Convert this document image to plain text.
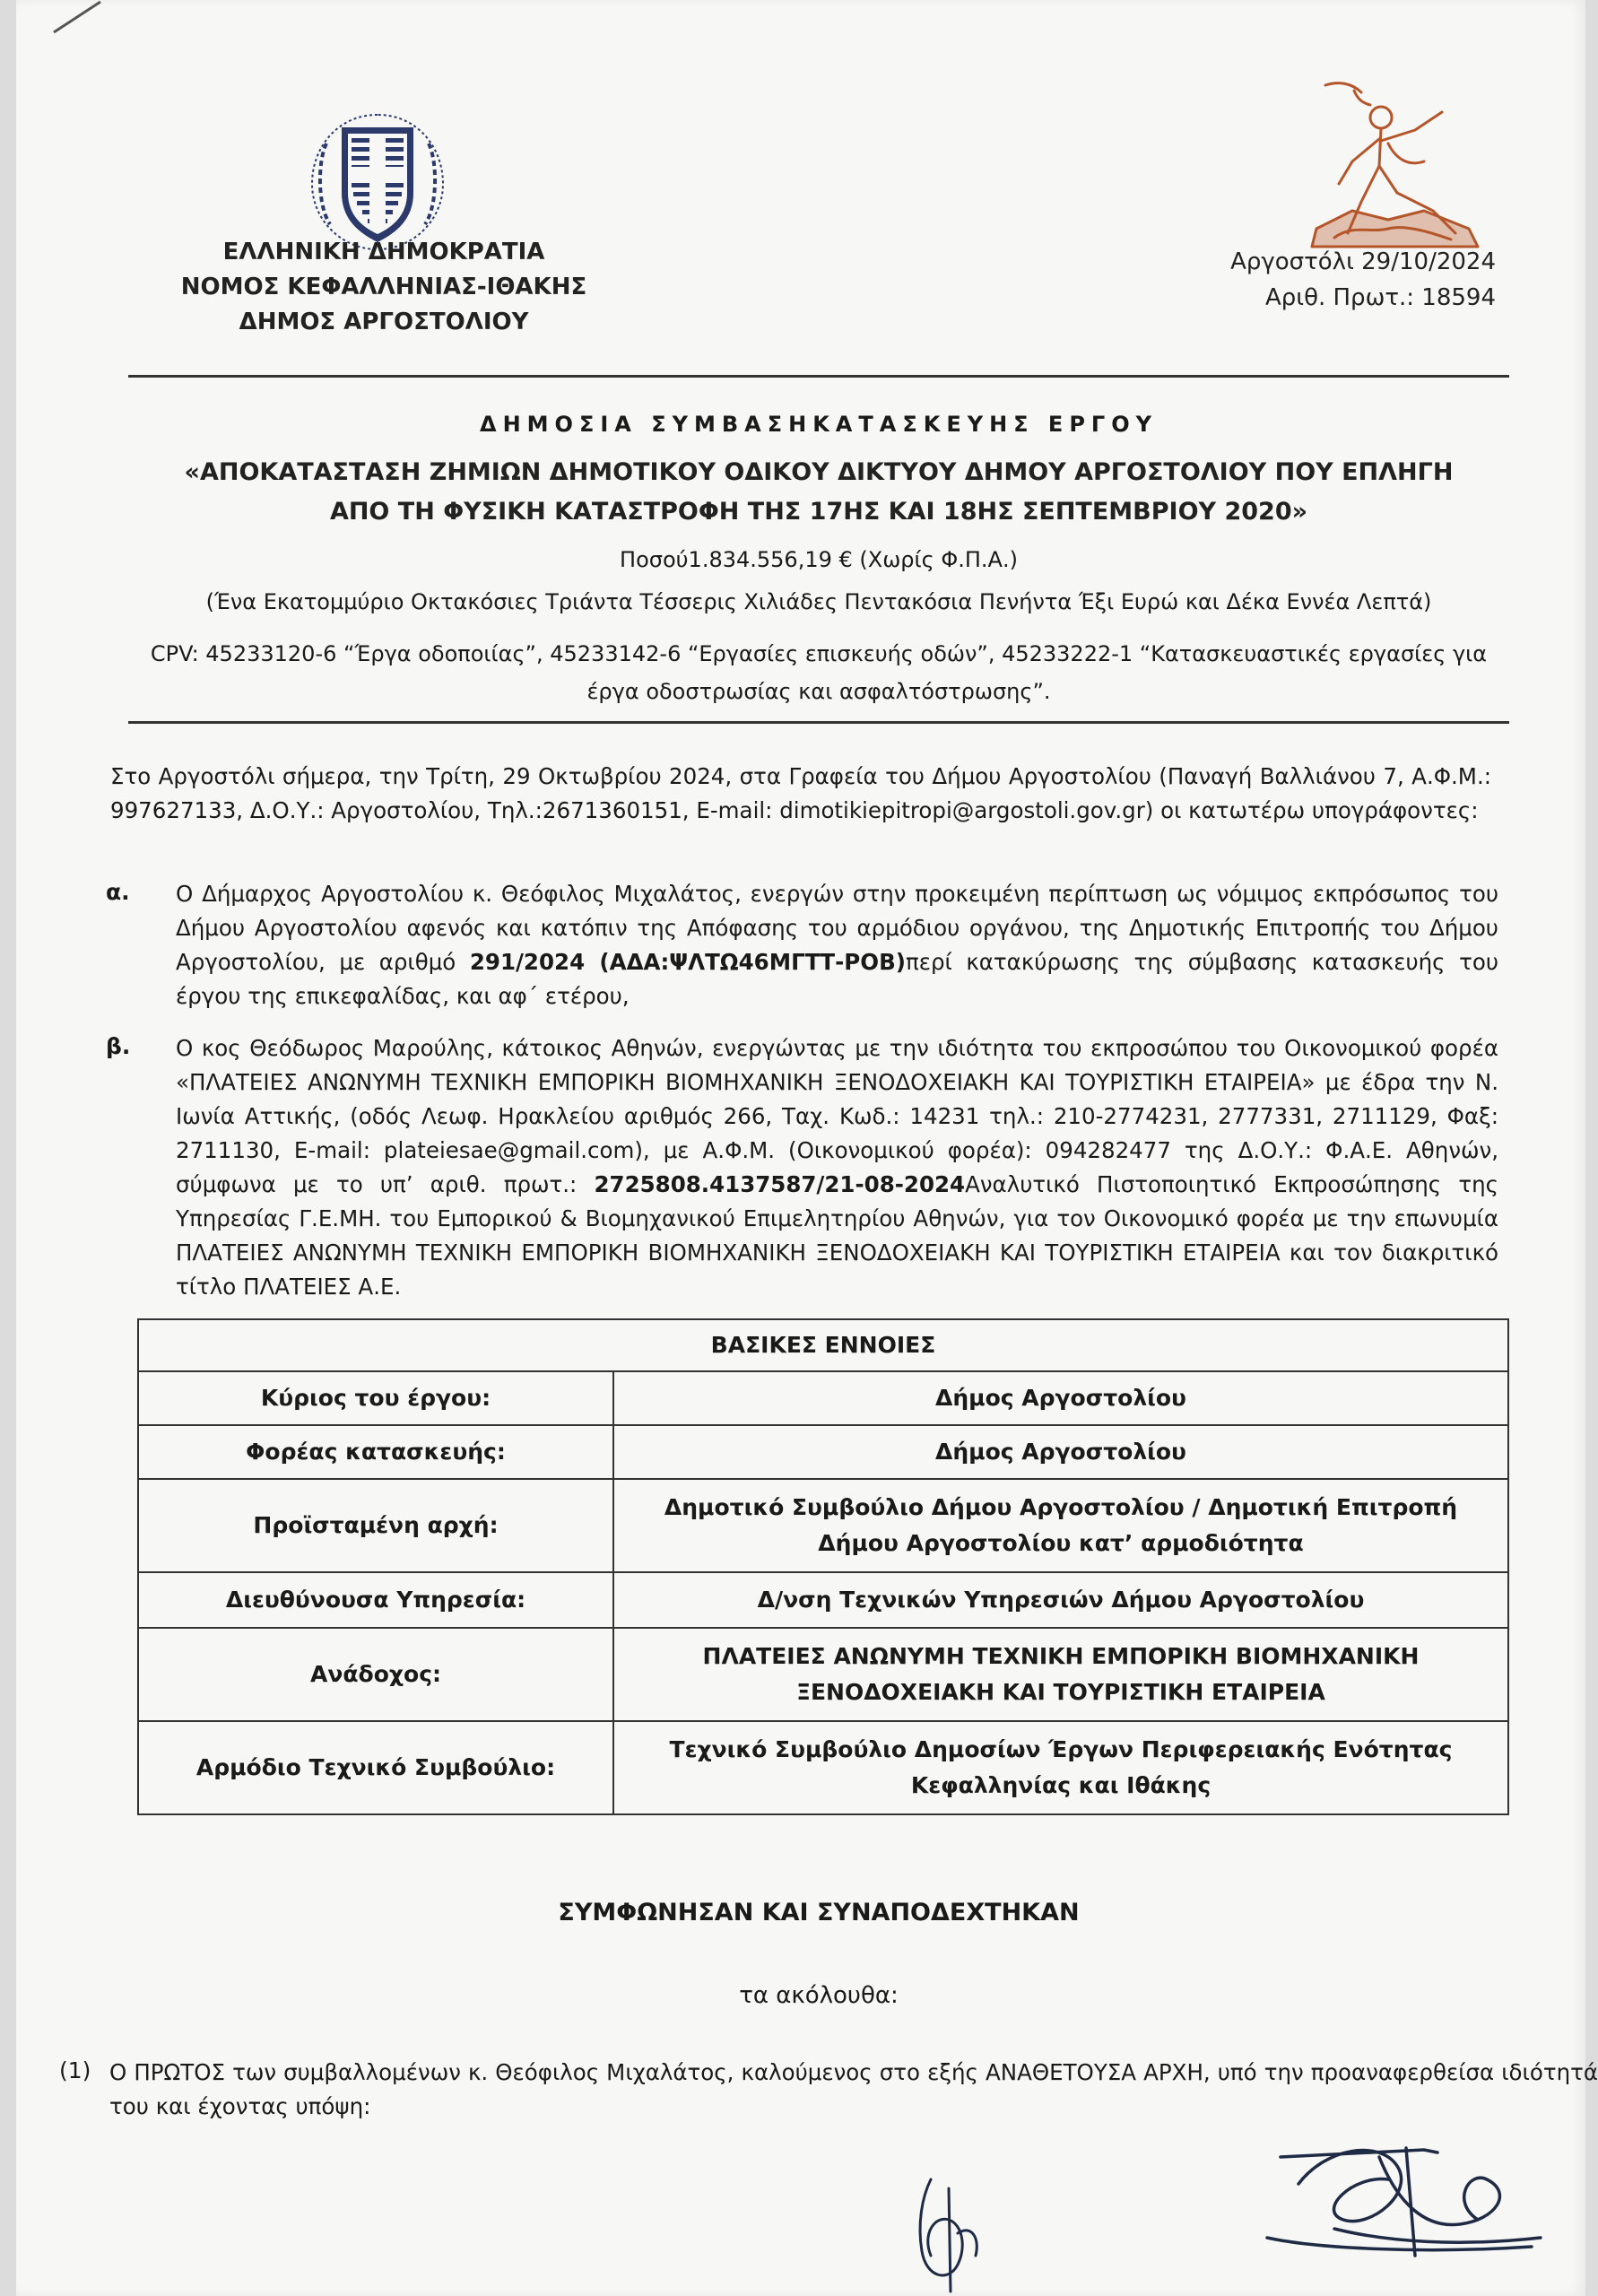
ΕΛΛΗΝΙΚΗ ΔΗΜΟΚΡΑΤΙΑ
ΝΟΜΟΣ ΚΕΦΑΛΛΗΝΙΑΣ-ΙΘΑΚΗΣ
ΔΗΜΟΣ ΑΡΓΟΣΤΟΛΙΟΥ
Αργοστόλι 29/10/2024
Αριθ. Πρωτ.: 18594
ΔΗΜΟΣΙΑ ΣΥΜΒΑΣΗΚΑΤΑΣΚΕΥΗΣ ΕΡΓΟΥ
«ΑΠΟΚΑΤΑΣΤΑΣΗ ΖΗΜΙΩΝ ΔΗΜΟΤΙΚΟΥ ΟΔΙΚΟΥ ΔΙΚΤΥΟΥ ΔΗΜΟΥ ΑΡΓΟΣΤΟΛΙΟΥ ΠΟΥ ΕΠΛΗΓΗ ΑΠΟ ΤΗ ΦΥΣΙΚΗ ΚΑΤΑΣΤΡΟΦΗ ΤΗΣ 17ΗΣ ΚΑΙ 18ΗΣ ΣΕΠΤΕΜΒΡΙΟΥ 2020»
Ποσού1.834.556,19 € (Χωρίς Φ.Π.Α.)
(Ένα Εκατομμύριο Οκτακόσιες Τριάντα Τέσσερις Χιλιάδες Πεντακόσια Πενήντα Έξι Ευρώ και Δέκα Εννέα Λεπτά)
CPV: 45233120-6 “Έργα οδοποιίας”, 45233142-6 “Εργασίες επισκευής οδών”, 45233222-1 “Κατασκευαστικές εργασίες για έργα οδοστρωσίας και ασφαλτόστρωσης”.
Στο Αργοστόλι σήμερα, την Τρίτη, 29 Οκτωβρίου 2024, στα Γραφεία του Δήμου Αργοστολίου (Παναγή Βαλλιάνου 7, Α.Φ.Μ.: 997627133, Δ.Ο.Υ.: Αργοστολίου, Τηλ.:2671360151, E-mail: dimotikiepitropi@argostoli.gov.gr) οι κατωτέρω υπογράφοντες:
α. Ο Δήμαρχος Αργοστολίου κ. Θεόφιλος Μιχαλάτος, ενεργών στην προκειμένη περίπτωση ως νόμιμος εκπρόσωπος του Δήμου Αργοστολίου αφενός και κατόπιν της Απόφασης του αρμόδιου οργάνου, της Δημοτικής Επιτροπής του Δήμου Αργοστολίου, με αριθμό 291/2024 (ΑΔΑ:ΨΛΤΩ46ΜΓΤΤ-ΡΟΒ)περί κατακύρωσης της σύμβασης κατασκευής του έργου της επικεφαλίδας, και αφ΄ ετέρου,
β. Ο κος Θεόδωρος Μαρούλης, κάτοικος Αθηνών, ενεργώντας με την ιδιότητα του εκπροσώπου του Οικονομικού φορέα «ΠΛΑΤΕΙΕΣ ΑΝΩΝΥΜΗ ΤΕΧΝΙΚΗ ΕΜΠΟΡΙΚΗ ΒΙΟΜΗΧΑΝΙΚΗ ΞΕΝΟΔΟΧΕΙΑΚΗ ΚΑΙ ΤΟΥΡΙΣΤΙΚΗ ΕΤΑΙΡΕΙΑ» με έδρα την Ν. Ιωνία Αττικής, (οδός Λεωφ. Ηρακλείου αριθμός 266, Ταχ. Κωδ.: 14231 τηλ.: 210-2774231, 2777331, 2711129, Φαξ: 2711130, E-mail: plateiesae@gmail.com), με Α.Φ.Μ. (Οικονομικού φορέα): 094282477 της Δ.Ο.Υ.: Φ.Α.Ε. Αθηνών, σύμφωνα με το υπ’ αριθ. πρωτ.: 2725808.4137587/21-08-2024Αναλυτικό Πιστοποιητικό Εκπροσώπησης της Υπηρεσίας Γ.Ε.ΜΗ. του Εμπορικού & Βιομηχανικού Επιμελητηρίου Αθηνών, για τον Οικονομικό φορέα με την επωνυμία ΠΛΑΤΕΙΕΣ ΑΝΩΝΥΜΗ ΤΕΧΝΙΚΗ ΕΜΠΟΡΙΚΗ ΒΙΟΜΗΧΑΝΙΚΗ ΞΕΝΟΔΟΧΕΙΑΚΗ ΚΑΙ ΤΟΥΡΙΣΤΙΚΗ ΕΤΑΙΡΕΙΑ και τον διακριτικό τίτλο ΠΛΑΤΕΙΕΣ Α.Ε.
ΒΑΣΙΚΕΣ ΕΝΝΟΙΕΣ	
Κύριος του έργου:	Δήμος Αργοστολίου
Φορέας κατασκευής:	Δήμος Αργοστολίου
Προϊσταμένη αρχή:	Δημοτικό Συμβούλιο Δήμου Αργοστολίου / Δημοτική Επιτροπή Δήμου Αργοστολίου κατ’ αρμοδιότητα
Διευθύνουσα Υπηρεσία:	Δ/νση Τεχνικών Υπηρεσιών Δήμου Αργοστολίου
Ανάδοχος:	ΠΛΑΤΕΙΕΣ ΑΝΩΝΥΜΗ ΤΕΧΝΙΚΗ ΕΜΠΟΡΙΚΗ ΒΙΟΜΗΧΑΝΙΚΗ ΞΕΝΟΔΟΧΕΙΑΚΗ ΚΑΙ ΤΟΥΡΙΣΤΙΚΗ ΕΤΑΙΡΕΙΑ
Αρμόδιο Τεχνικό Συμβούλιο:	Τεχνικό Συμβούλιο Δημοσίων Έργων Περιφερειακής Ενότητας Κεφαλληνίας και Ιθάκης
ΣΥΜΦΩΝΗΣΑΝ ΚΑΙ ΣΥΝΑΠΟΔΕΧΤΗΚΑΝ
τα ακόλουθα:
(1) Ο ΠΡΩΤΟΣ των συμβαλλομένων κ. Θεόφιλος Μιχαλάτος, καλούμενος στο εξής ΑΝΑΘΕΤΟΥΣΑ ΑΡΧΗ, υπό την προαναφερθείσα ιδιότητά του και έχοντας υπόψη:
